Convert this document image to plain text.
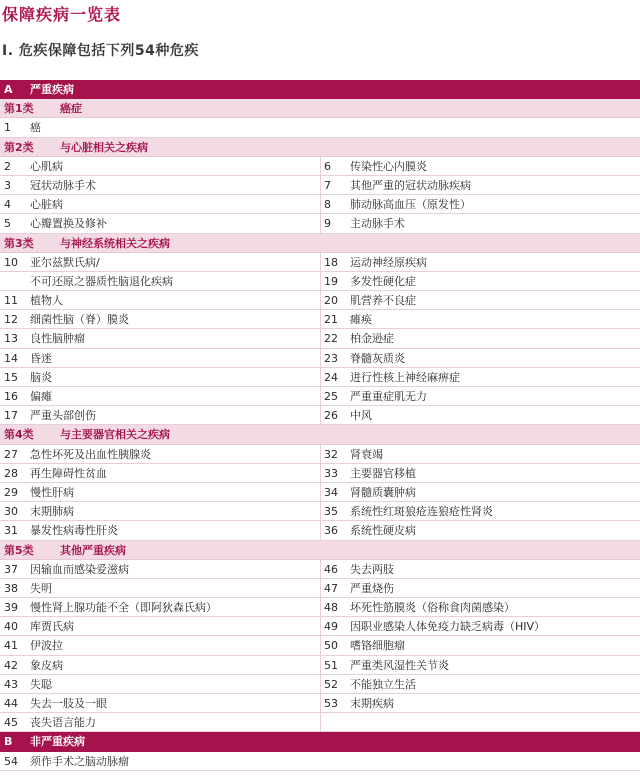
保障疾病一览表
I. 危疾保障包括下列54种危疾
A 严重疾病
第1类 癌症
1 癌
第2类 与心脏相关之疾病
2 心肌病	6 传染性心内膜炎
3 冠状动脉手术	7 其他严重的冠状动脉疾病
4 心脏病	8 肺动脉高血压（原发性）
5 心瓣置换及修补	9 主动脉手术
第3类 与神经系统相关之疾病
10 亚尔兹默氏病/	18 运动神经原疾病
不可还原之器质性脑退化疾病	19 多发性硬化症
11 植物人	20 肌营养不良症
12 细菌性脑（脊）膜炎	21 瘫痪
13 良性脑肿瘤	22 柏金逊症
14 昏迷	23 脊髓灰质炎
15 脑炎	24 进行性核上神经麻痹症
16 偏瘫	25 严重重症肌无力
17 严重头部创伤	26 中风
第4类 与主要器官相关之疾病
27 急性坏死及出血性胰腺炎	32 肾衰竭
28 再生障碍性贫血	33 主要器官移植
29 慢性肝病	34 肾髓质囊肿病
30 末期肺病	35 系统性红斑狼疮连狼疮性肾炎
31 暴发性病毒性肝炎	36 系统性硬皮病
第5类 其他严重疾病
37 因输血而感染爱滋病	46 失去两肢
38 失明	47 严重烧伤
39 慢性肾上腺功能不全（即阿狄森氏病）	48 坏死性筋膜炎（俗称食肉菌感染）
40 库贾氏病	49 因职业感染人体免疫力缺乏病毒（HIV）
41 伊波拉	50 嗜铬细胞瘤
42 象皮病	51 严重类风湿性关节炎
43 失聪	52 不能独立生活
44 失去一肢及一眼	53 末期疾病
45 丧失语言能力
B 非严重疾病
54 须作手术之脑动脉瘤
